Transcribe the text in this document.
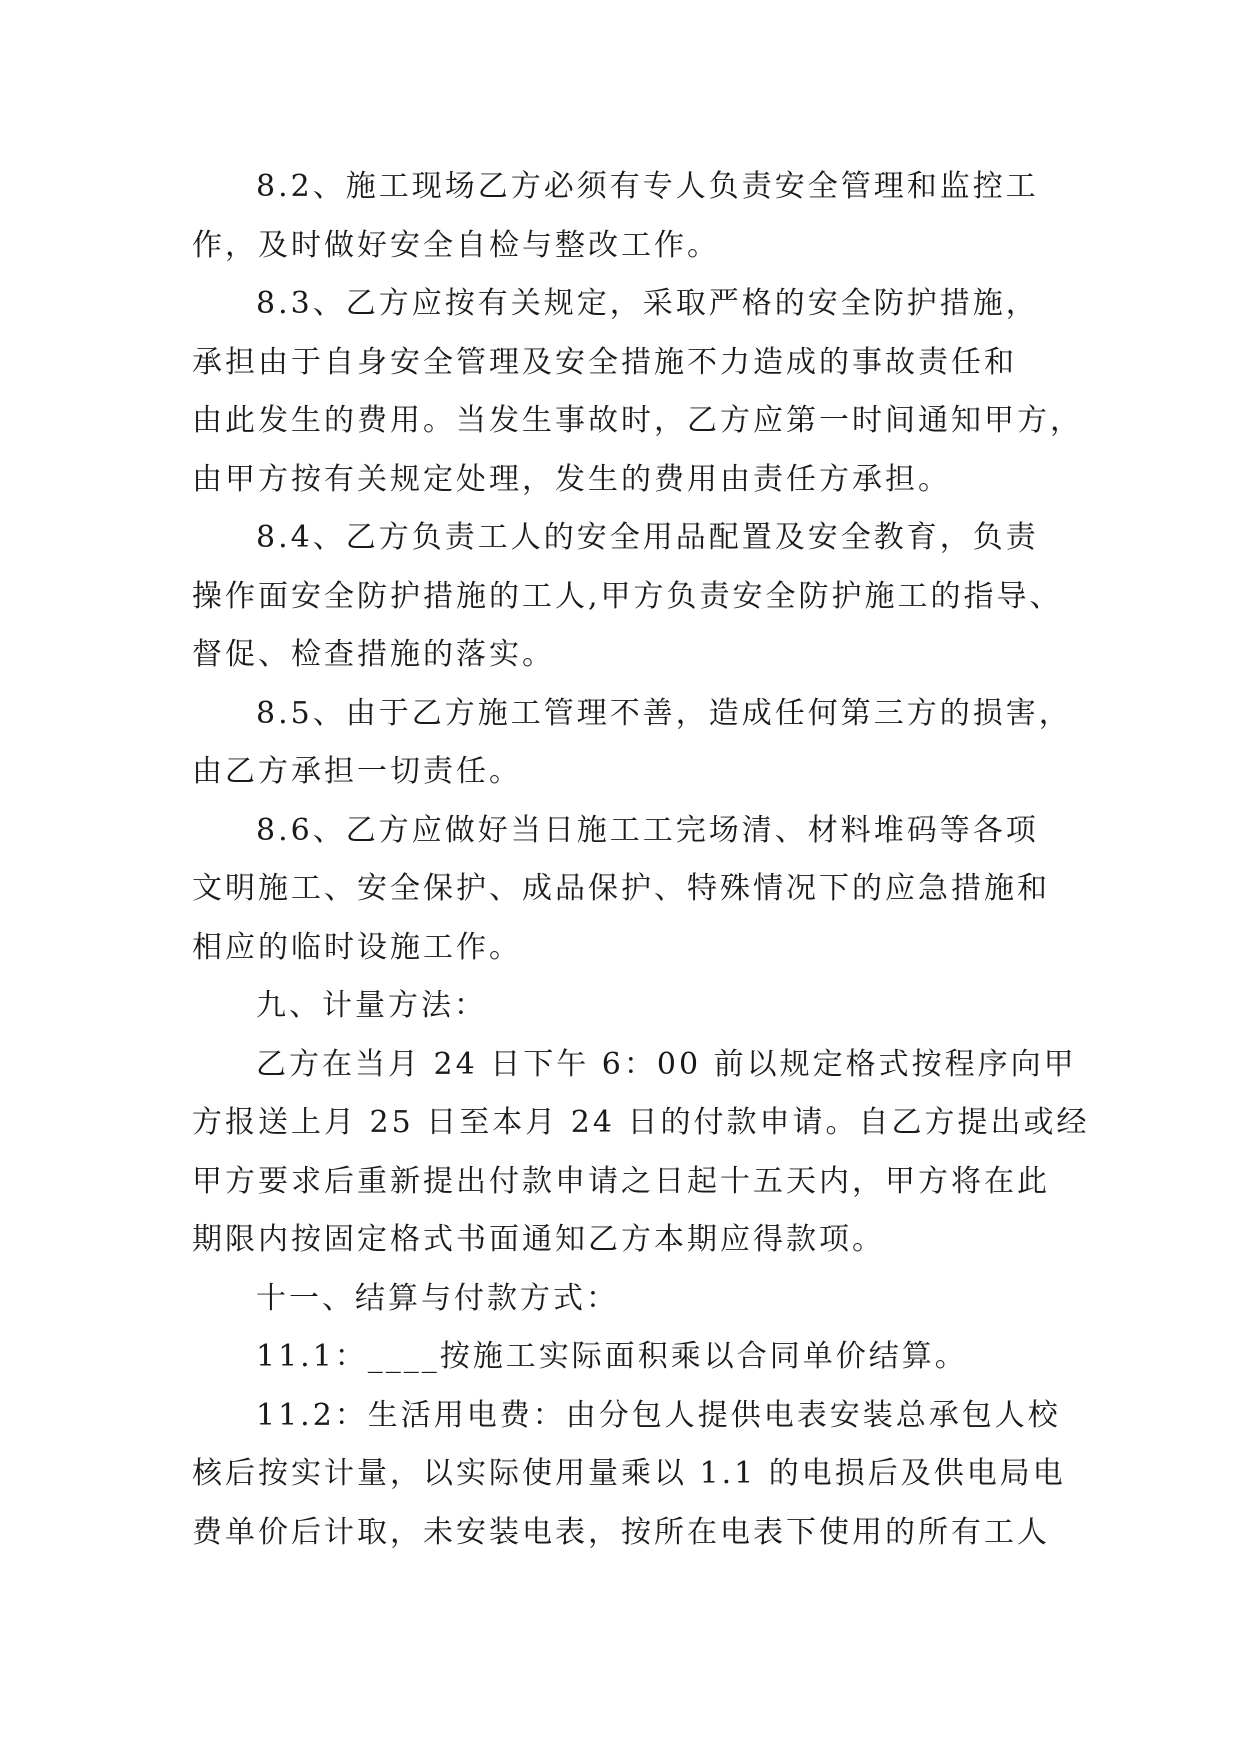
8.2、施工现场乙方必须有专人负责安全管理和监控工
作，及时做好安全自检与整改工作。

8.3、乙方应按有关规定，采取严格的安全防护措施，
承担由于自身安全管理及安全措施不力造成的事故责任和
由此发生的费用。当发生事故时，乙方应第一时间通知甲方，
由甲方按有关规定处理，发生的费用由责任方承担。

8.4、乙方负责工人的安全用品配置及安全教育，负责
操作面安全防护措施的工人,甲方负责安全防护施工的指导、
督促、检查措施的落实。

8.5、由于乙方施工管理不善，造成任何第三方的损害，
由乙方承担一切责任。

8.6、乙方应做好当日施工工完场清、材料堆码等各项
文明施工、安全保护、成品保护、特殊情况下的应急措施和
相应的临时设施工作。

九、计量方法：

乙方在当月 24 日下午 6：00 前以规定格式按程序向甲
方报送上月 25 日至本月 24 日的付款申请。自乙方提出或经
甲方要求后重新提出付款申请之日起十五天内，甲方将在此
期限内按固定格式书面通知乙方本期应得款项。

十一、结算与付款方式：

11.1：____按施工实际面积乘以合同单价结算。

11.2：生活用电费：由分包人提供电表安装总承包人校
核后按实计量，以实际使用量乘以 1.1 的电损后及供电局电
费单价后计取，未安装电表，按所在电表下使用的所有工人
